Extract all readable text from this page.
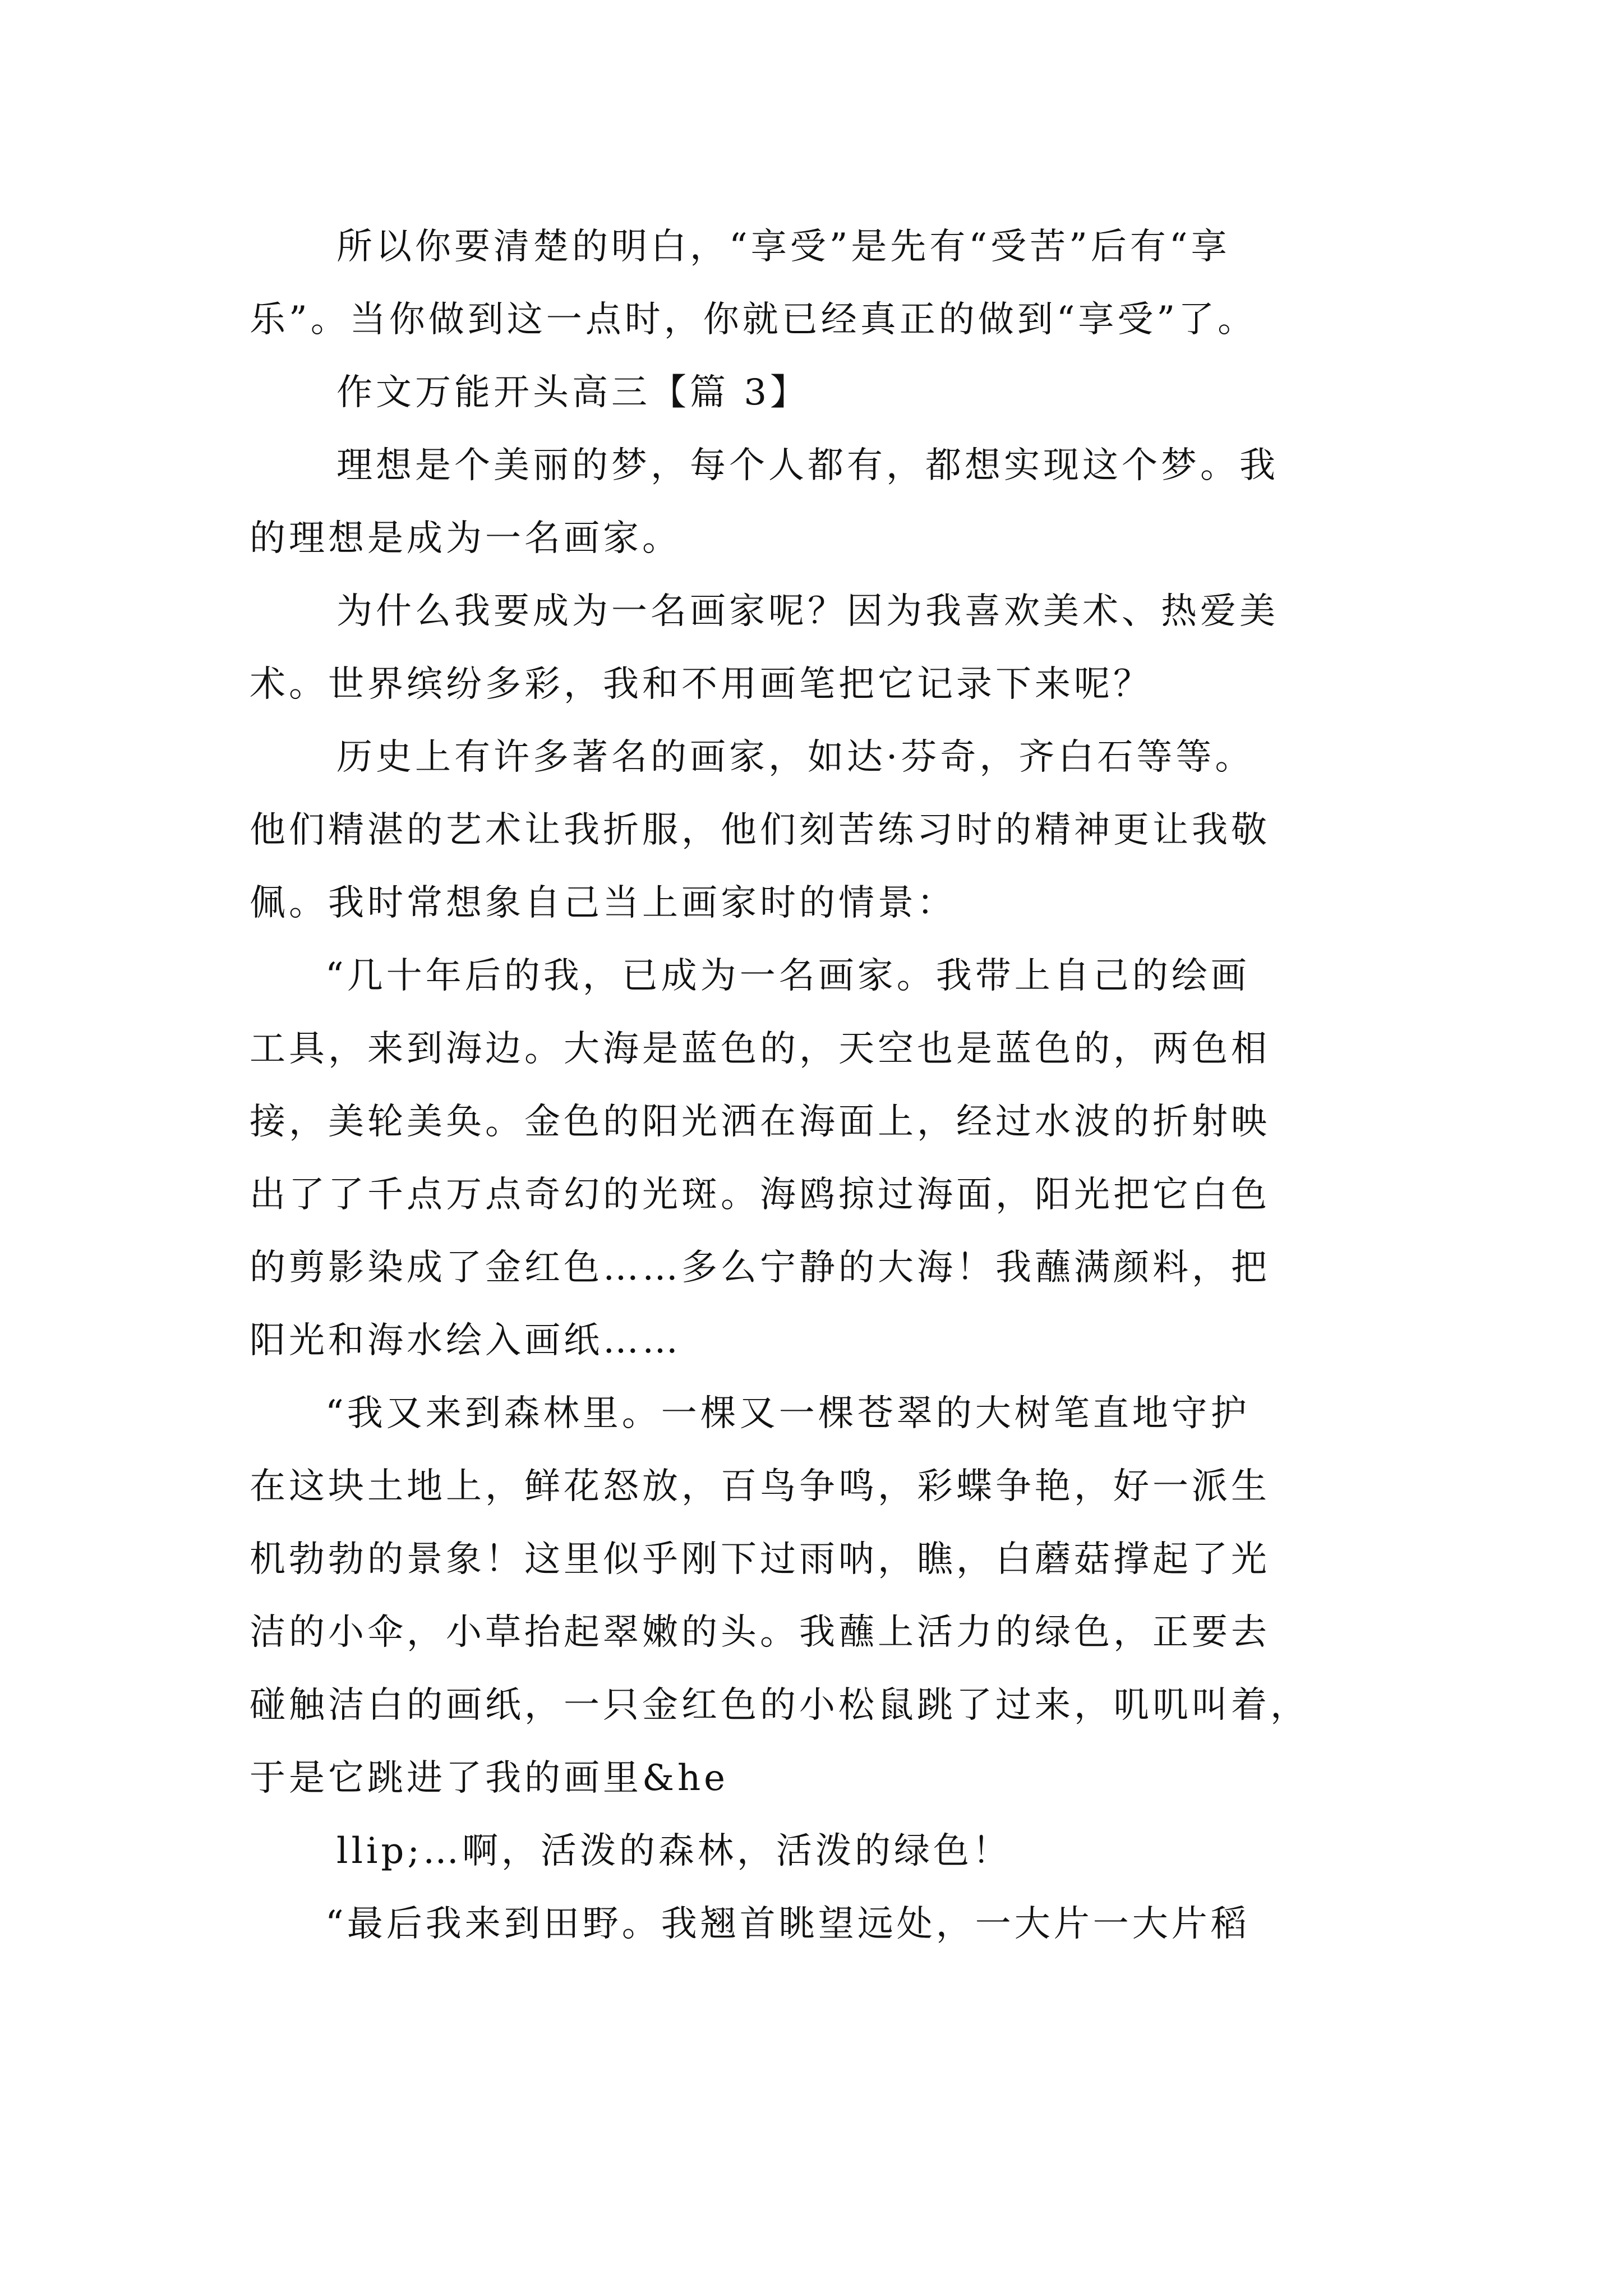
所以你要清楚的明白，“享受”是先有“受苦”后有“享
乐”。当你做到这一点时，你就已经真正的做到“享受”了。
作文万能开头高三【篇 3】
理想是个美丽的梦，每个人都有，都想实现这个梦。我
的理想是成为一名画家。
为什么我要成为一名画家呢？因为我喜欢美术、热爱美
术。世界缤纷多彩，我和不用画笔把它记录下来呢？
历史上有许多著名的画家，如达·芬奇，齐白石等等。
他们精湛的艺术让我折服，他们刻苦练习时的精神更让我敬
佩。我时常想象自己当上画家时的情景：
“几十年后的我，已成为一名画家。我带上自己的绘画
工具，来到海边。大海是蓝色的，天空也是蓝色的，两色相
接，美轮美奂。金色的阳光洒在海面上，经过水波的折射映
出了了千点万点奇幻的光斑。海鸥掠过海面，阳光把它白色
的剪影染成了金红色……多么宁静的大海！我蘸满颜料，把
阳光和海水绘入画纸……
“我又来到森林里。一棵又一棵苍翠的大树笔直地守护
在这块土地上，鲜花怒放，百鸟争鸣，彩蝶争艳，好一派生
机勃勃的景象！这里似乎刚下过雨呐，瞧，白蘑菇撑起了光
洁的小伞，小草抬起翠嫩的头。我蘸上活力的绿色，正要去
碰触洁白的画纸，一只金红色的小松鼠跳了过来，叽叽叫着，
于是它跳进了我的画里&he
llip;…啊，活泼的森林，活泼的绿色！
“最后我来到田野。我翘首眺望远处，一大片一大片稻
